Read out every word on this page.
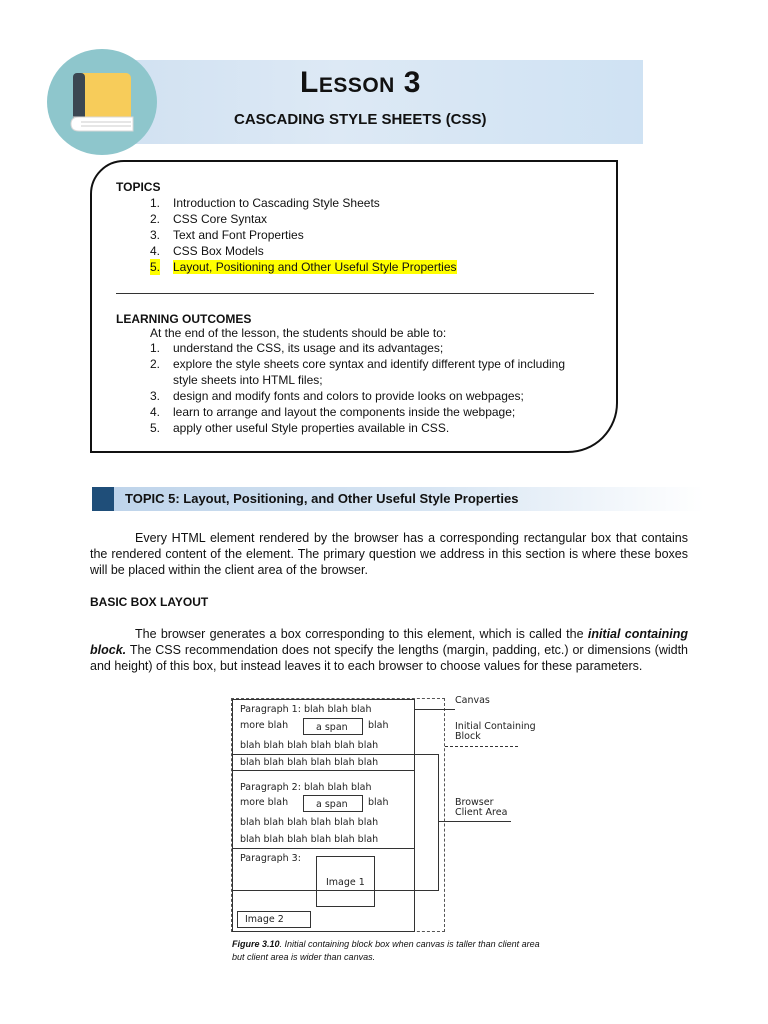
Lesson 3
CASCADING STYLE SHEETS (CSS)
TOPICS
1. Introduction to Cascading Style Sheets
2. CSS Core Syntax
3. Text and Font Properties
4. CSS Box Models
5. Layout, Positioning and Other Useful Style Properties
LEARNING OUTCOMES
At the end of the lesson, the students should be able to:
1. understand the CSS, its usage and its advantages;
2. explore the style sheets core syntax and identify different type of including
style sheets into HTML files;
3. design and modify fonts and colors to provide looks on webpages;
4. learn to arrange and layout the components inside the webpage;
5. apply other useful Style properties available in CSS.
TOPIC 5: Layout, Positioning, and Other Useful Style Properties
Every HTML element rendered by the browser has a corresponding rectangular box that contains the rendered content of the element. The primary question we address in this section is where these boxes will be placed within the client area of the browser.
BASIC BOX LAYOUT
The browser generates a box corresponding to this element, which is called the initial containing block. The CSS recommendation does not specify the lengths (margin, padding, etc.) or dimensions (width and height) of this box, but instead leaves it to each browser to choose values for these parameters.
Paragraph 1: blah blah blah
more blah	a span blah
blah blah blah blah blah blah
blah blah blah blah blah blah
Paragraph 2: blah blah blah
more blah	a span blah
blah blah blah blah blah blah
blah blah blah blah blah blah
Paragraph 3:
Image 1
Image 2
Canvas
Initial Containing
Block
Browser
Client Area
Figure 3.10. Initial containing block box when canvas is taller than client area but client area is wider than canvas.
